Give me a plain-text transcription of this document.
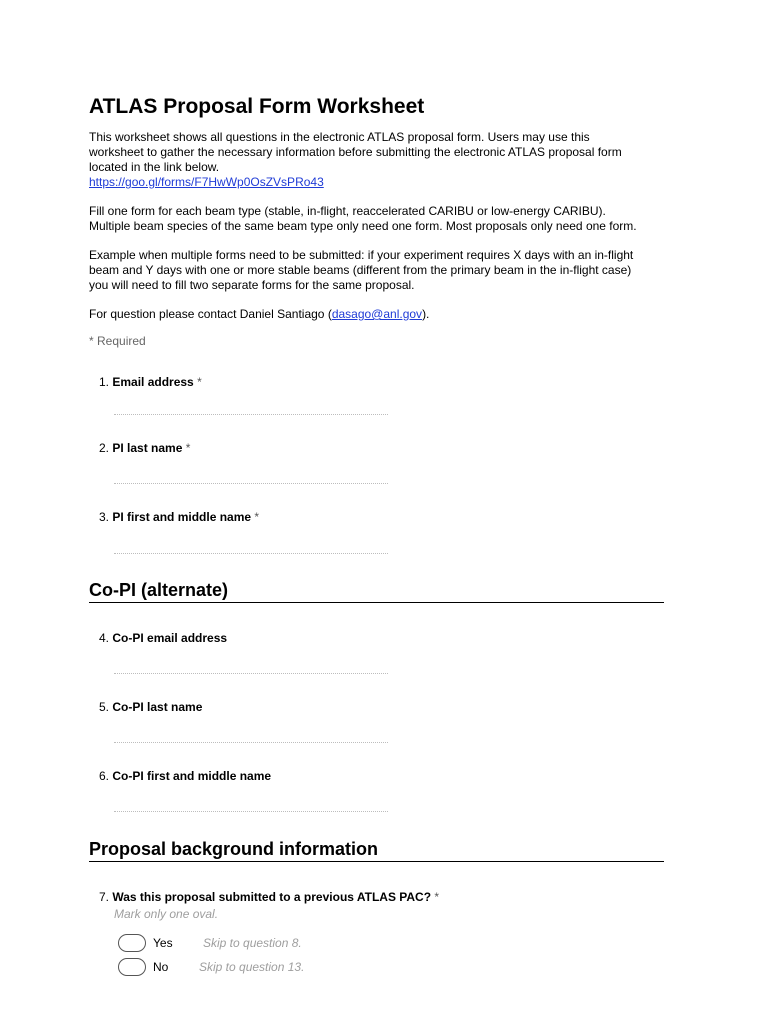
ATLAS Proposal Form Worksheet
This worksheet shows all questions in the electronic ATLAS proposal form. Users may use this
worksheet to gather the necessary information before submitting the electronic ATLAS proposal form
located in the link below.
https://goo.gl/forms/F7HwWp0OsZVsPRo43
Fill one form for each beam type (stable, in-flight, reaccelerated CARIBU or low-energy CARIBU).
Multiple beam species of the same beam type only need one form. Most proposals only need one form.
Example when multiple forms need to be submitted: if your experiment requires X days with an in-flight
beam and Y days with one or more stable beams (different from the primary beam in the in-flight case)
you will need to fill two separate forms for the same proposal.
For question please contact Daniel Santiago (dasago@anl.gov).
* Required
1. Email address *
2. PI last name *
3. PI first and middle name *
Co-PI (alternate)
4. Co-PI email address
5. Co-PI last name
6. Co-PI first and middle name
Proposal background information
7. Was this proposal submitted to a previous ATLAS PAC? *
Mark only one oval.
Yes	Skip to question 8.
No	Skip to question 13.
